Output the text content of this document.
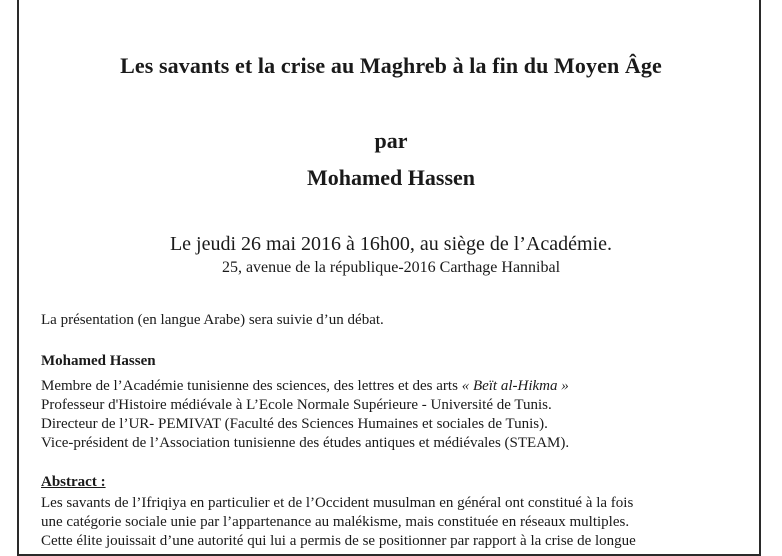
Les savants et la crise au Maghreb à la fin du Moyen Âge
par
Mohamed Hassen
Le jeudi 26 mai 2016 à 16h00, au siège de l’Académie.
25, avenue de la république-2016 Carthage Hannibal
La présentation (en langue Arabe) sera suivie d’un débat.
Mohamed Hassen
Membre de l’Académie tunisienne des sciences, des lettres et des arts « Beït al-Hikma »
Professeur d'Histoire médiévale à L’Ecole Normale Supérieure - Université de Tunis.
Directeur de l’UR- PEMIVAT (Faculté des Sciences Humaines et sociales de Tunis).
Vice-président de l’Association tunisienne des études antiques et médiévales (STEAM).
Abstract :
Les savants de l’Ifriqiya en particulier et de l’Occident musulman en général ont constitué à la fois
une catégorie sociale unie par l’appartenance au malékisme, mais constituée en réseaux multiples.
Cette élite jouissait d’une autorité qui lui a permis de se positionner par rapport à la crise de longue
